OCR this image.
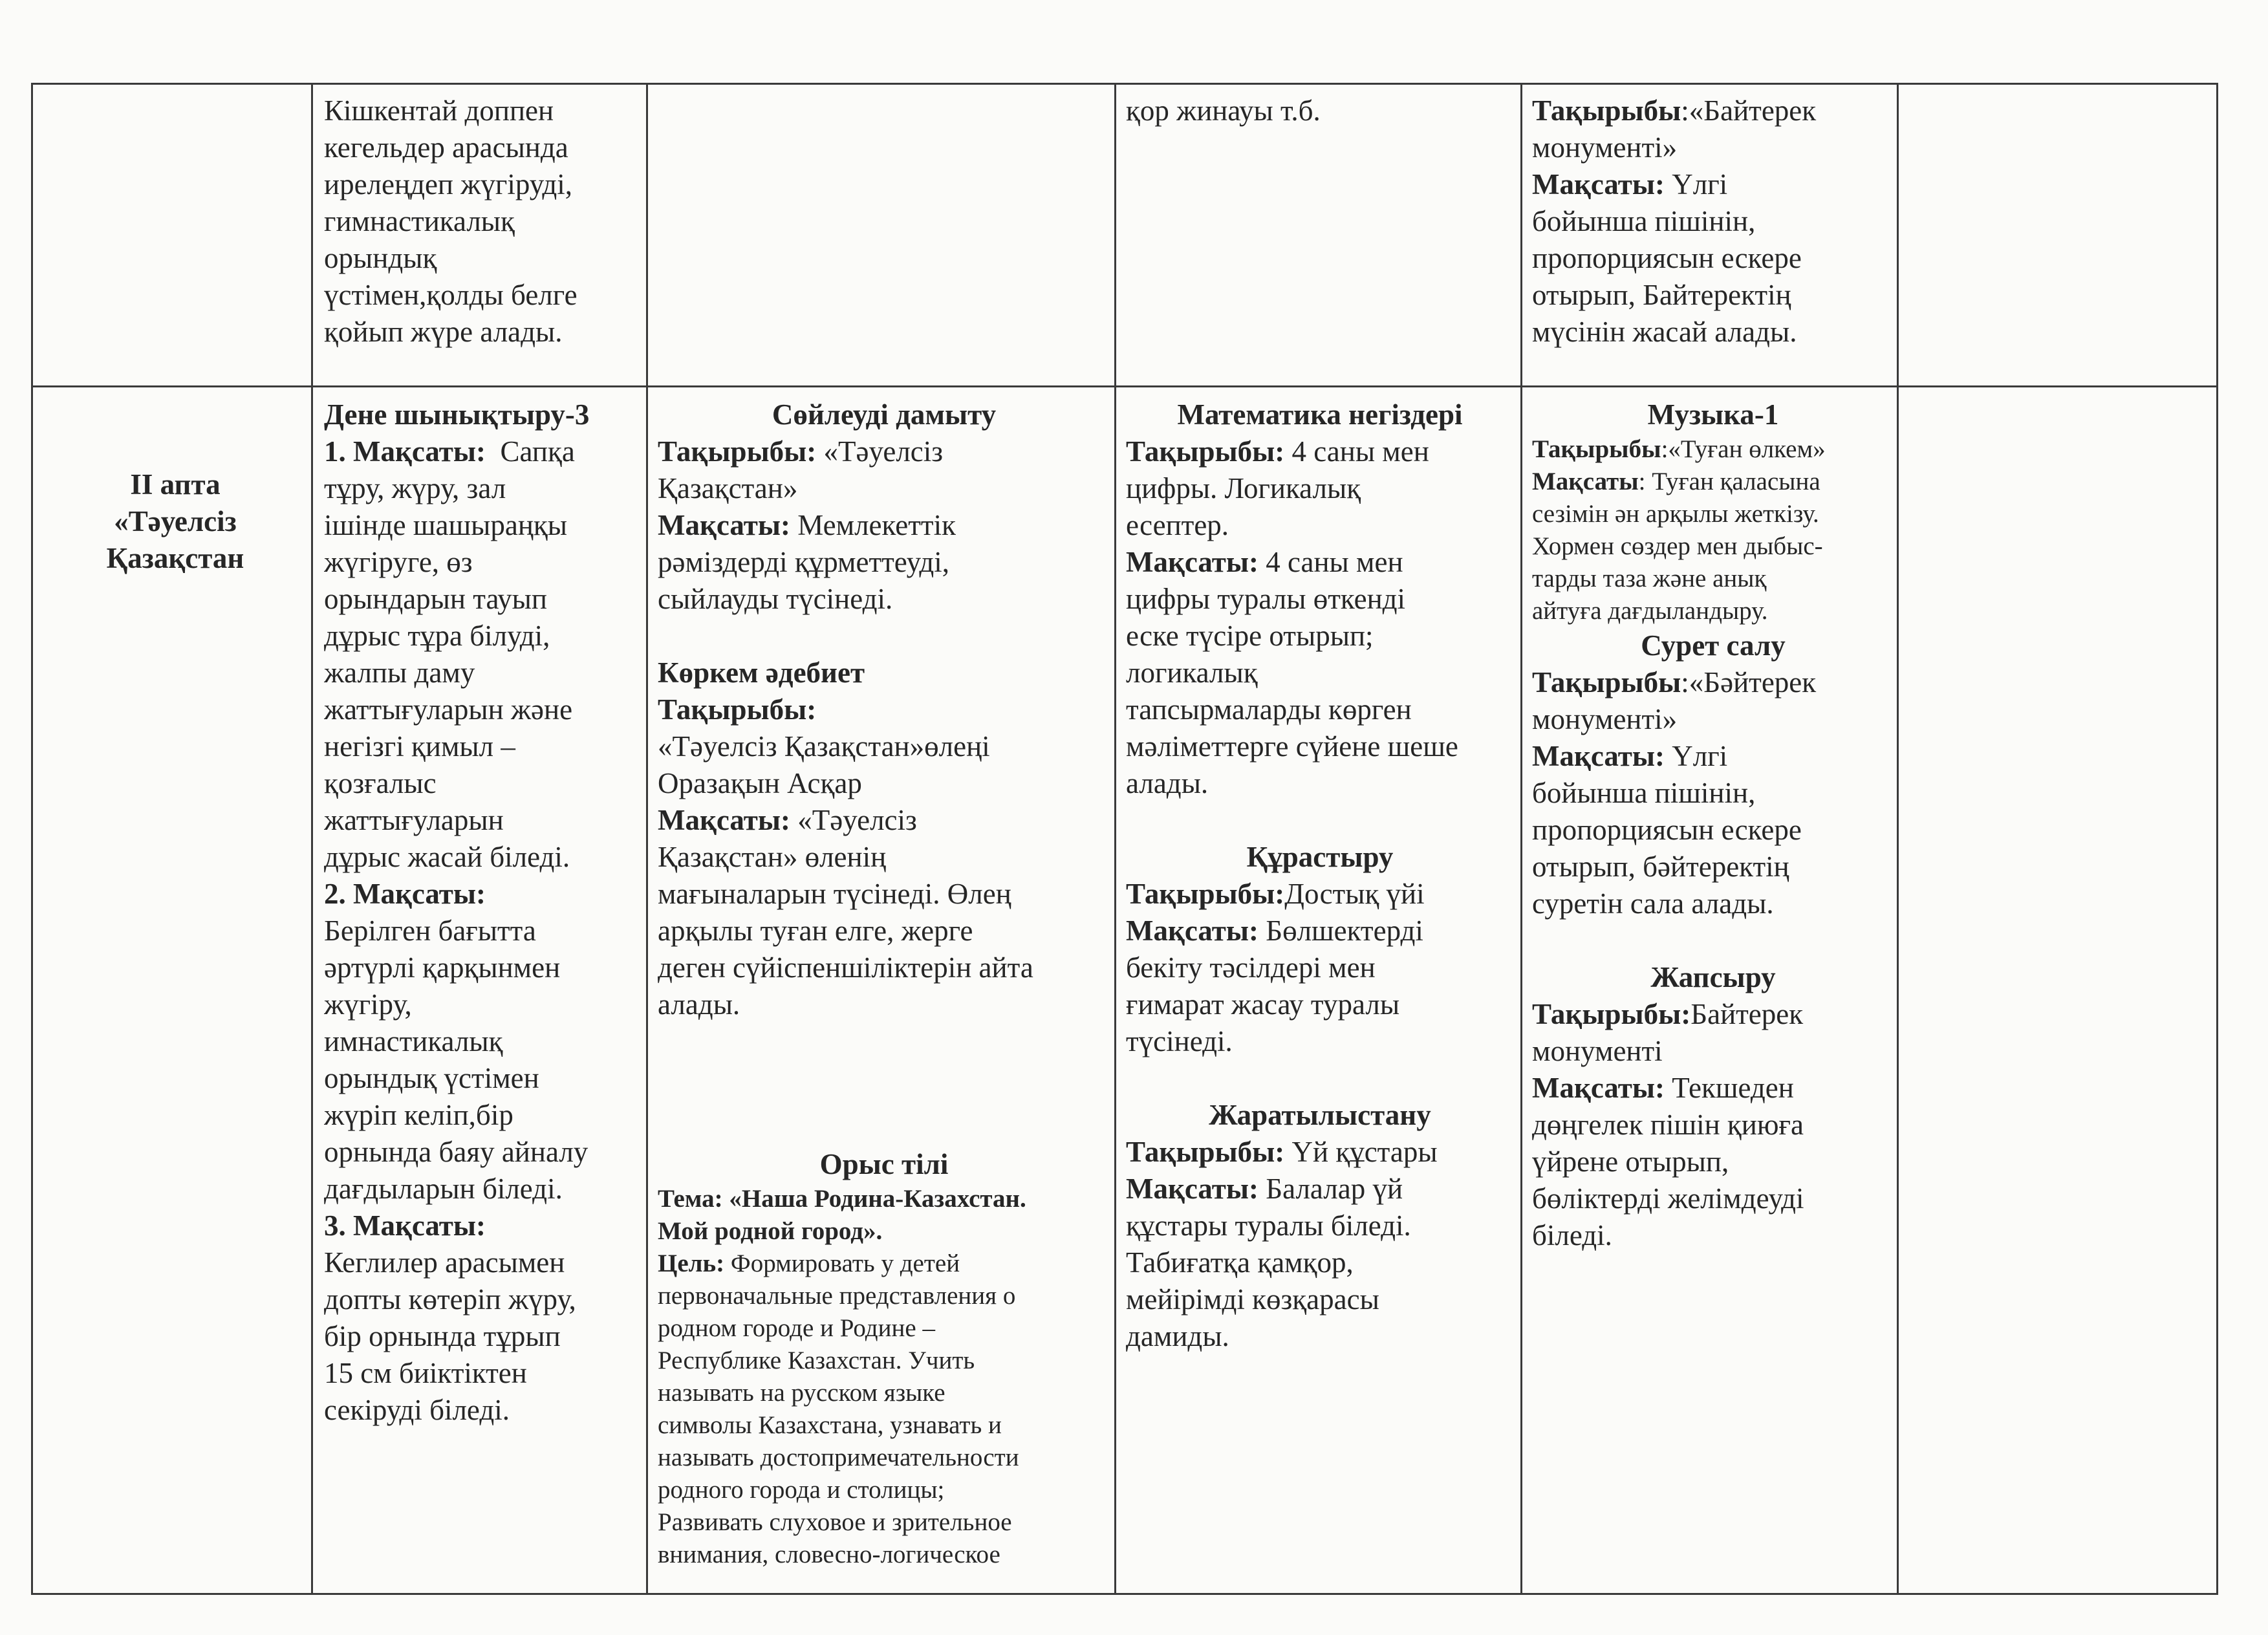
Кішкентай доппен

кегельдер арасында

ирелеңдеп жүгіруді,

гимнастикалық

орындық

үстімен,қолды белге

қойып жүре алады.

қор жинауы т.б.	Тақырыбы:«Байтерек

монументі»

Мақсаты: Үлгі

бойынша пішінін,

пропорциясын ескере

отырып, Байтеректің

мүсінін жасай алады.

ІІ апта

«Тәуелсіз

Қазақстан

Дене шынықтыру-3

1. Мақсаты: Сапқа

тұру, жүру, зал

ішінде шашыраңқы

жүгіруге, өз

орындарын тауып

дұрыс тұра білуді,

жалпы даму

жаттығуларын және

негізгі қимыл –

қозғалыс

жаттығуларын

дұрыс жасай біледі.

2. Мақсаты:

Берілген бағытта

әртүрлі қарқынмен

жүгіру,

имнастикалық

орындық үстімен

жүріп келіп,бір

орнында баяу айналу

дағдыларын біледі.

3. Мақсаты:

Кеглилер арасымен

допты көтеріп жүру,

бір орнында тұрып

15 см биіктіктен

секіруді біледі.

Сөйлеуді дамыту

Тақырыбы: «Тәуелсіз

Қазақстан»

Мақсаты: Мемлекеттік

рәміздерді құрметтеуді,

сыйлауды түсінеді.

Көркем әдебиет

Тақырыбы:

«Тәуелсіз Қазақстан»өлеңі

Оразақын Асқар

Мақсаты: «Тәуелсіз

Қазақстан» өленің

мағыналарын түсінеді. Өлең

арқылы туған елге, жерге

деген сүйіспеншіліктерін айта

алады.

Орыс тілі

Тема: «Наша Родина-Казахстан.

Мой родной город».

Цель: Формировать у детей

первоначальные представления о

родном городе и Родине –

Республике Казахстан. Учить

называть на русском языке

символы Казахстана, узнавать и

называть достопримечательности

родного города и столицы;

Развивать слуховое и зрительное

внимания, словесно-логическое

Математика негіздері

Тақырыбы: 4 саны мен

цифры. Логикалық

есептер.

Мақсаты: 4 саны мен

цифры туралы өткенді

еске түсіре отырып;

логикалық

тапсырмаларды көрген

мәліметтерге сүйене шеше

алады.

Құрастыру

Тақырыбы:Достық үйі

Мақсаты: Бөлшектерді

бекіту тәсілдері мен

ғимарат жасау туралы

түсінеді.

Жаратылыстану

Тақырыбы: Үй құстары

Мақсаты: Балалар үй

құстары туралы біледі.

Табиғатқа қамқор,

мейірімді көзқарасы

дамиды.

Музыка-1

Тақырыбы:«Туған өлкем»

Мақсаты: Туған қаласына

сезімін ән арқылы жеткізу.

Хормен сөздер мен дыбыс-

тарды таза және анық

айтуға дағдыландыру.

Сурет салу

Тақырыбы:«Бәйтерек

монументі»

Мақсаты: Үлгі

бойынша пішінін,

пропорциясын ескере

отырып, бәйтеректің

суретін сала алады.

Жапсыру

Тақырыбы:Байтерек

монументі

Мақсаты: Текшеден

дөңгелек пішін қиюға

үйрене отырып,

бөліктерді желімдеуді

біледі.
